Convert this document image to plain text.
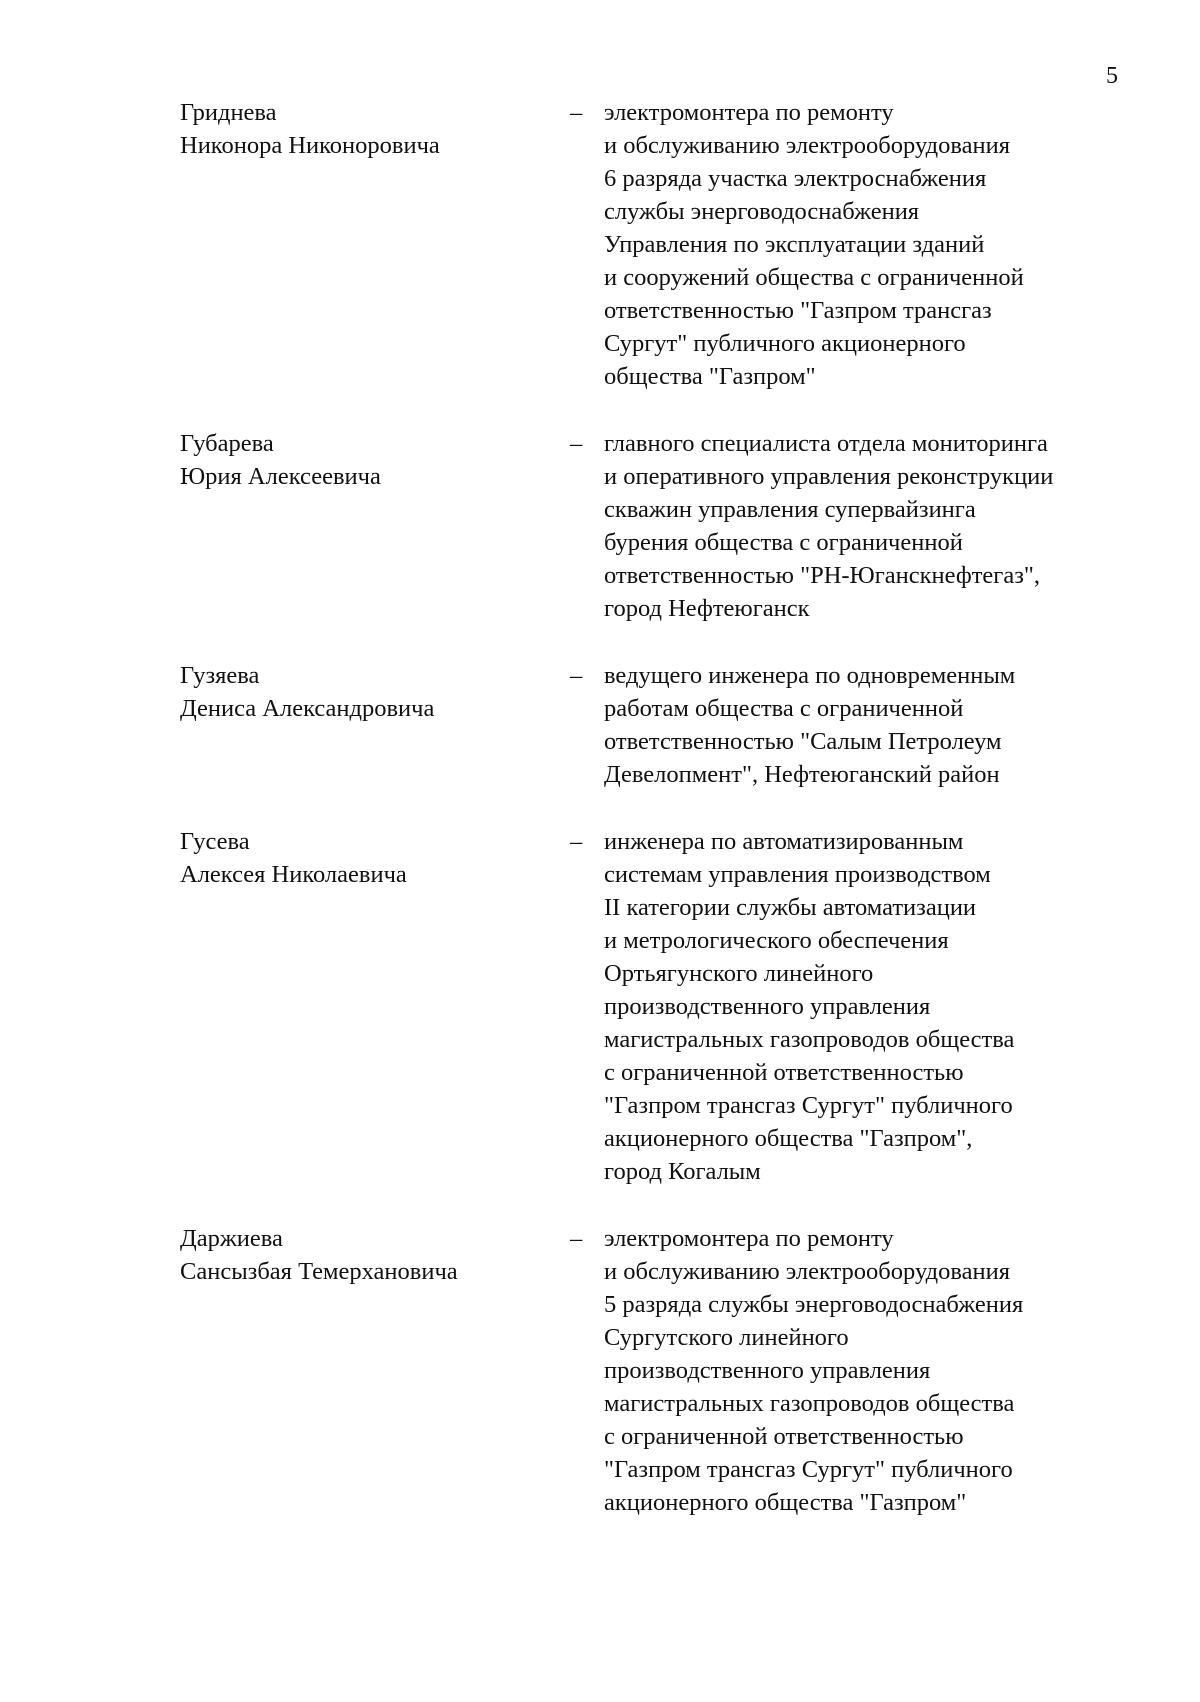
5
Гриднева
Никонора Никоноровича
– электромонтера по ремонту
и обслуживанию электрооборудования
6 разряда участка электроснабжения
службы энерговодоснабжения
Управления по эксплуатации зданий
и сооружений общества с ограниченной
ответственностью "Газпром трансгаз
Сургут" публичного акционерного
общества "Газпром"
Губарева
Юрия Алексеевича
– главного специалиста отдела мониторинга
и оперативного управления реконструкции
скважин управления супервайзинга
бурения общества с ограниченной
ответственностью "РН-Юганскнефтегаз",
город Нефтеюганск
Гузяева
Дениса Александровича
– ведущего инженера по одновременным
работам общества с ограниченной
ответственностью "Салым Петролеум
Девелопмент", Нефтеюганский район
Гусева
Алексея Николаевича
– инженера по автоматизированным
системам управления производством
II категории службы автоматизации
и метрологического обеспечения
Ортьягунского линейного
производственного управления
магистральных газопроводов общества
с ограниченной ответственностью
"Газпром трансгаз Сургут" публичного
акционерного общества "Газпром",
город Когалым
Даржиева
Сансызбая Темерхановича
– электромонтера по ремонту
и обслуживанию электрооборудования
5 разряда службы энерговодоснабжения
Сургутского линейного
производственного управления
магистральных газопроводов общества
с ограниченной ответственностью
"Газпром трансгаз Сургут" публичного
акционерного общества "Газпром"
